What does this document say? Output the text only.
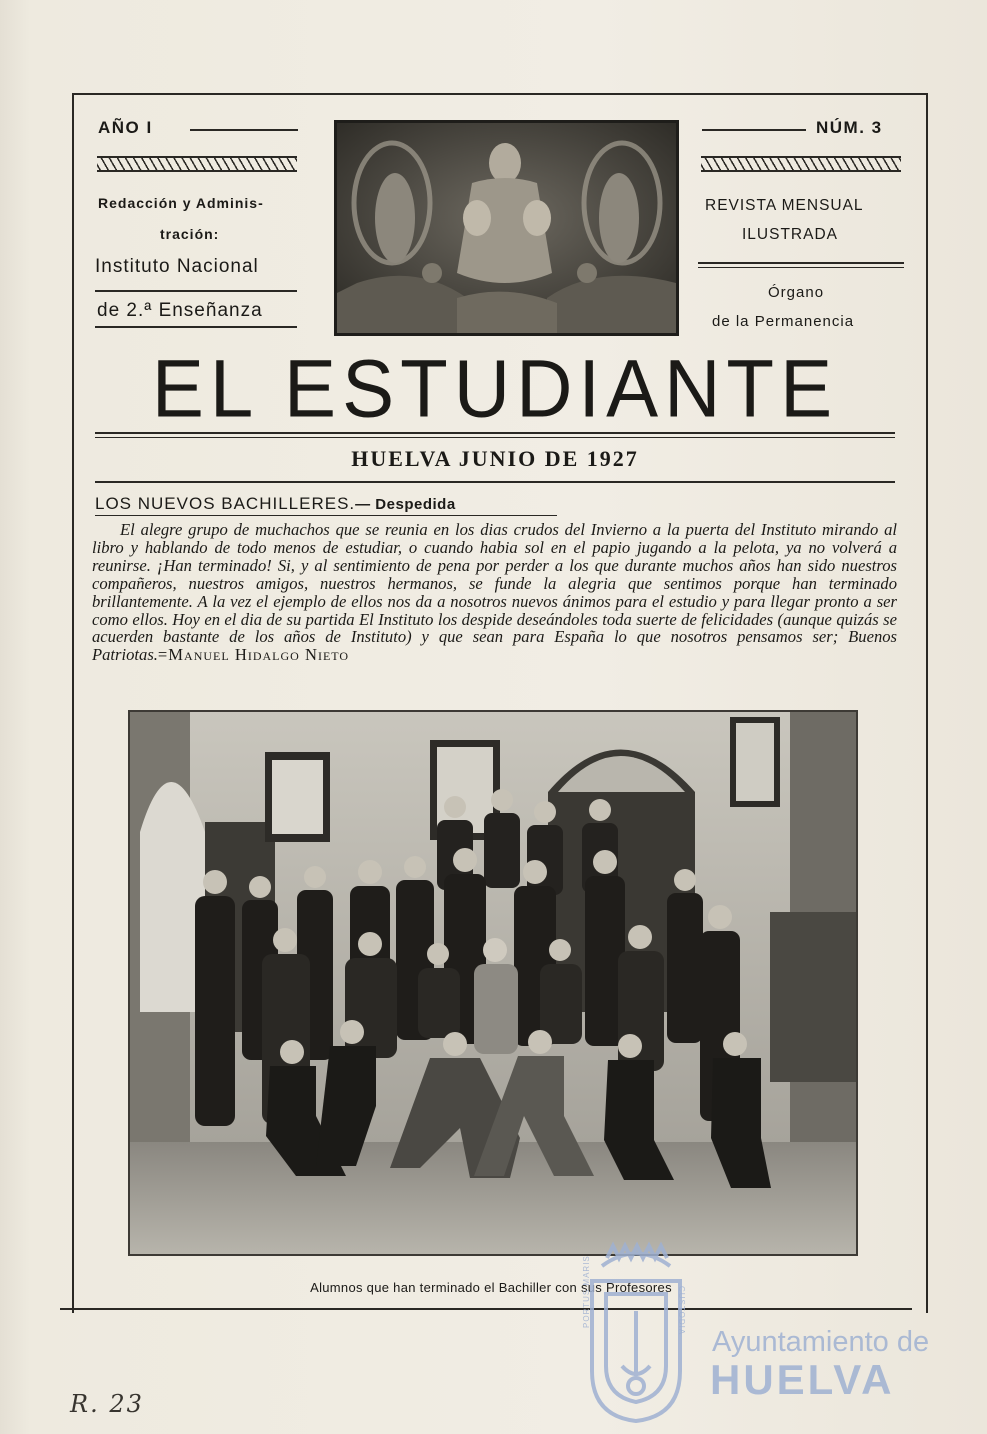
AÑO I
Redacción y Adminis-
tración:
Instituto Nacional
de 2.ª Enseñanza
NÚM. 3
REVISTA MENSUAL
ILUSTRADA
Órgano
de la Permanencia
EL ESTUDIANTE
HUELVA JUNIO DE 1927
LOS NUEVOS BACHILLERES.— Despedida
El alegre grupo de muchachos que se reunia en los dias crudos del Invierno a la puerta del Instituto mirando al libro y hablando de todo menos de estudiar, o cuando habia sol en el papio jugando a la pelota, ya no volverá a reunirse. ¡Han terminado! Si, y al sentimiento de pena por perder a los que durante muchos años han sido nuestros compañeros, nuestros amigos, nuestros hermanos, se funde la alegria que sentimos porque han terminado brillantemente. A la vez el ejemplo de ellos nos da a nosotros nuevos ánimos para el estudio y para llegar pronto a ser como ellos. Hoy en el dia de su partida El Instituto los despide deseándoles toda suerte de felicidades (aunque quizás se acuerden bastante de los años de Instituto) y que sean para España lo que nosotros pensamos ser; Buenos Patriotas.=Manuel Hidalgo Nieto
Alumnos que han terminado el Bachiller con sus Profesores
PORTUS MARIS	CUSTODIA
Ayuntamiento de
HUELVA
R. 23
